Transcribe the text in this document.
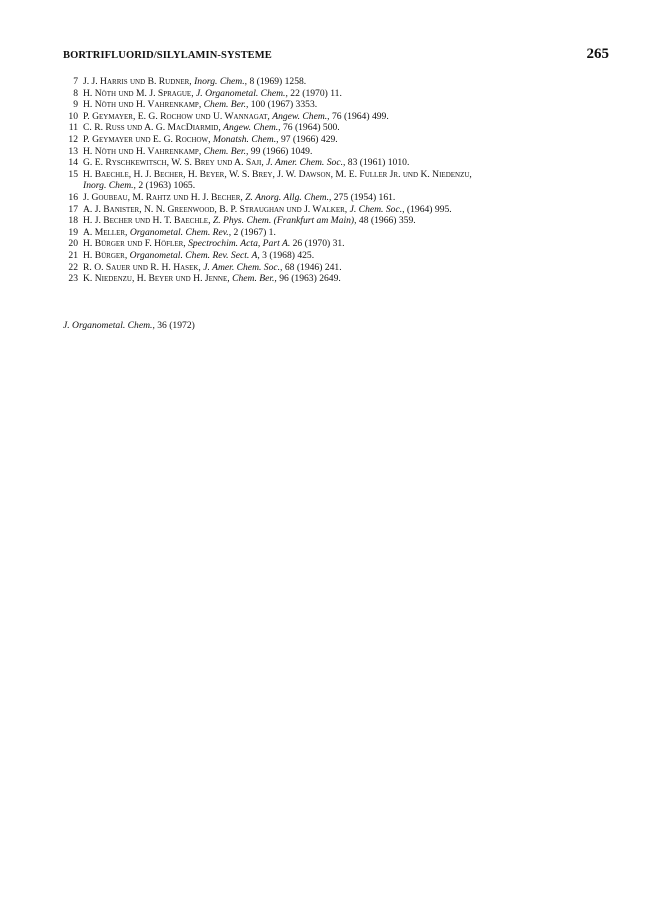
BORTRIFLUORID/SILYLAMIN-SYSTEME	265
7 J. J. Harris und B. Rudner, Inorg. Chem., 8 (1969) 1258.
8 H. Nöth und M. J. Sprague, J. Organometal. Chem., 22 (1970) 11.
9 H. Nöth und H. Vahrenkamp, Chem. Ber., 100 (1967) 3353.
10 P. Geymayer, E. G. Rochow und U. Wannagat, Angew. Chem., 76 (1964) 499.
11 C. R. Russ und A. G. MacDiarmid, Angew. Chem., 76 (1964) 500.
12 P. Geymayer und E. G. Rochow, Monatsh. Chem., 97 (1966) 429.
13 H. Nöth und H. Vahrenkamp, Chem. Ber., 99 (1966) 1049.
14 G. E. Ryschkewitsch, W. S. Brey und A. Saji, J. Amer. Chem. Soc., 83 (1961) 1010.
15 H. Baechle, H. J. Becher, H. Beyer, W. S. Brey, J. W. Dawson, M. E. Fuller Jr. und K. Niedenzu,
Inorg. Chem., 2 (1963) 1065.
16 J. Goubeau, M. Rahtz und H. J. Becher, Z. Anorg. Allg. Chem., 275 (1954) 161.
17 A. J. Banister, N. N. Greenwood, B. P. Straughan und J. Walker, J. Chem. Soc., (1964) 995.
18 H. J. Becher und H. T. Baechle, Z. Phys. Chem. (Frankfurt am Main), 48 (1966) 359.
19 A. Meller, Organometal. Chem. Rev., 2 (1967) 1.
20 H. Bürger und F. Höfler, Spectrochim. Acta, Part A. 26 (1970) 31.
21 H. Bürger, Organometal. Chem. Rev. Sect. A, 3 (1968) 425.
22 R. O. Sauer und R. H. Hasek, J. Amer. Chem. Soc., 68 (1946) 241.
23 K. Niedenzu, H. Beyer und H. Jenne, Chem. Ber., 96 (1963) 2649.
J. Organometal. Chem., 36 (1972)
